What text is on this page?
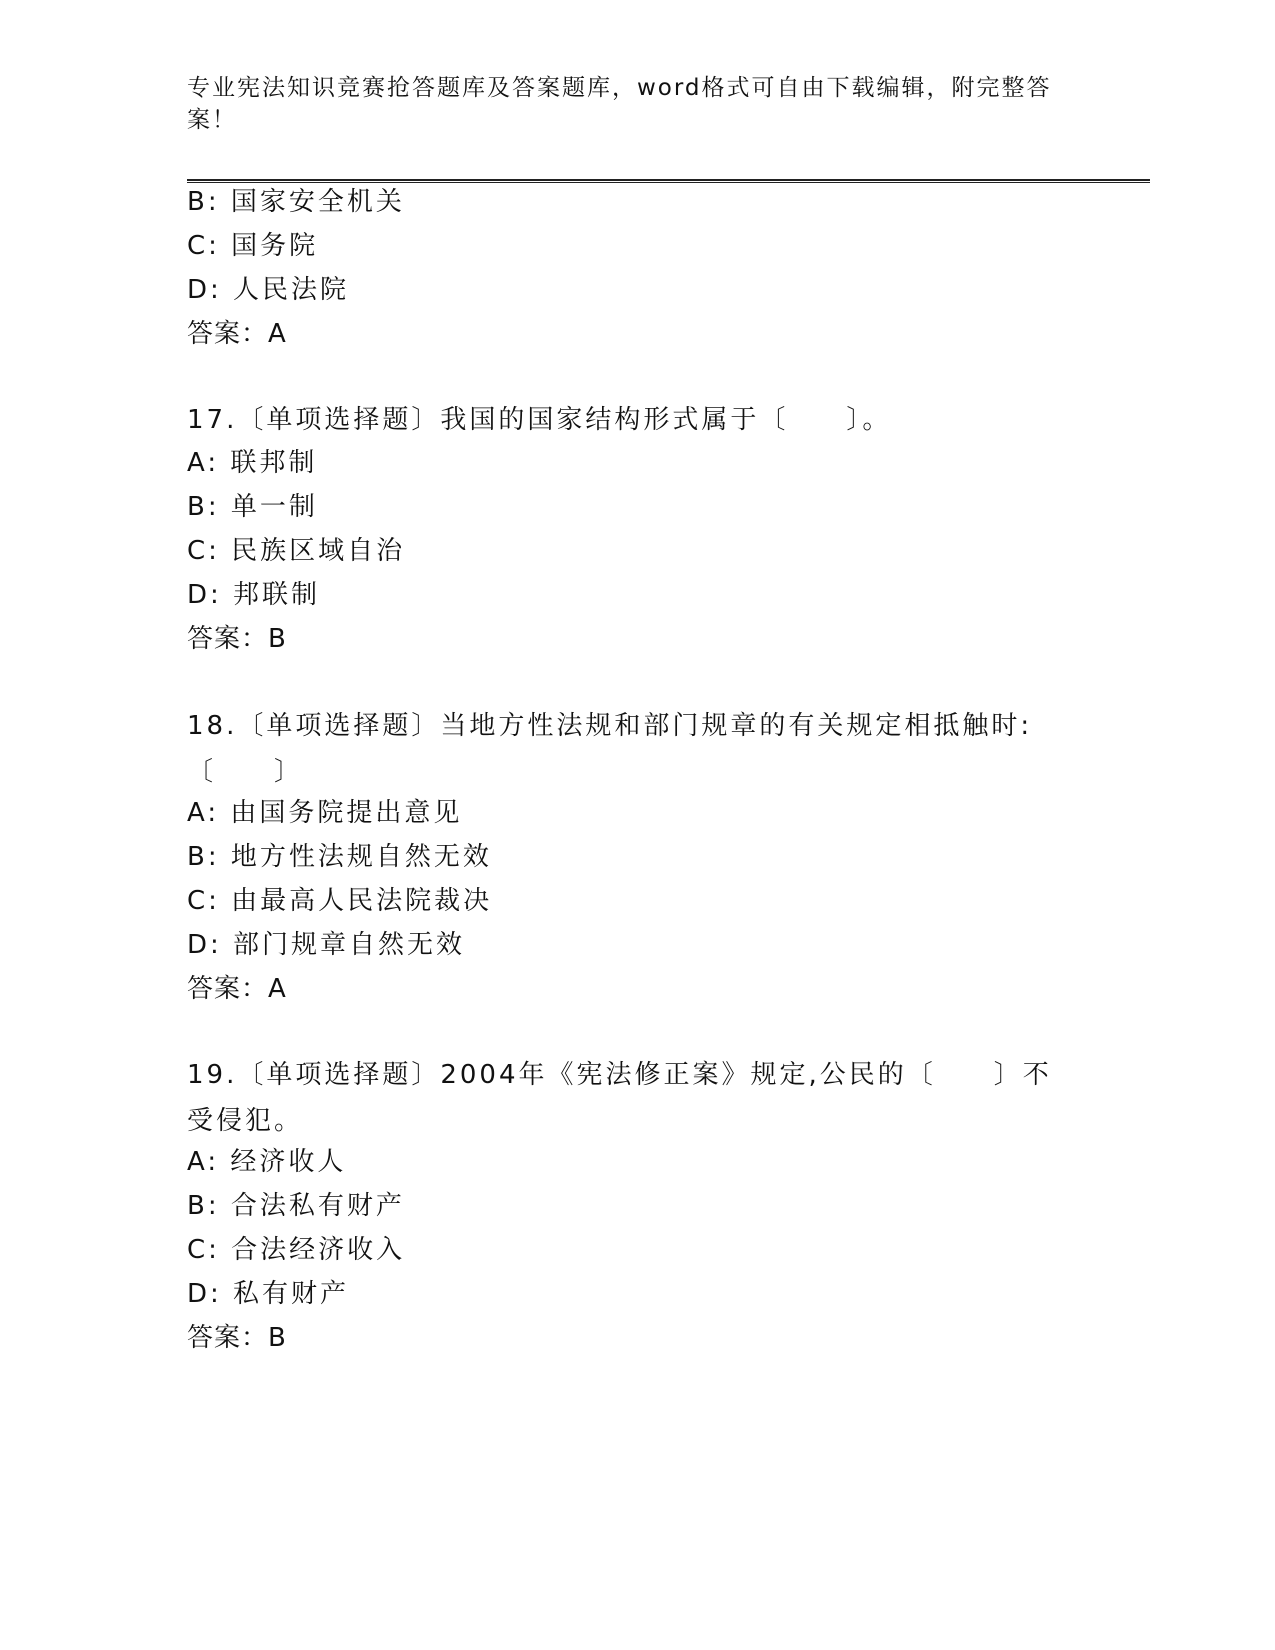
专业宪法知识竞赛抢答题库及答案题库，word格式可自由下载编辑，附完整答案！
B: 国家安全机关
C: 国务院
D: 人民法院
答案：A
17.〔单项选择题〕我国的国家结构形式属于〔　　〕。
A: 联邦制
B: 单一制
C: 民族区域自治
D: 邦联制
答案：B
18.〔单项选择题〕当地方性法规和部门规章的有关规定相抵触时:〔　　〕
A: 由国务院提出意见
B: 地方性法规自然无效
C: 由最高人民法院裁决
D: 部门规章自然无效
答案：A
19.〔单项选择题〕2004年《宪法修正案》规定,公民的〔　　〕不受侵犯。
A: 经济收人
B: 合法私有财产
C: 合法经济收入
D: 私有财产
答案：B
